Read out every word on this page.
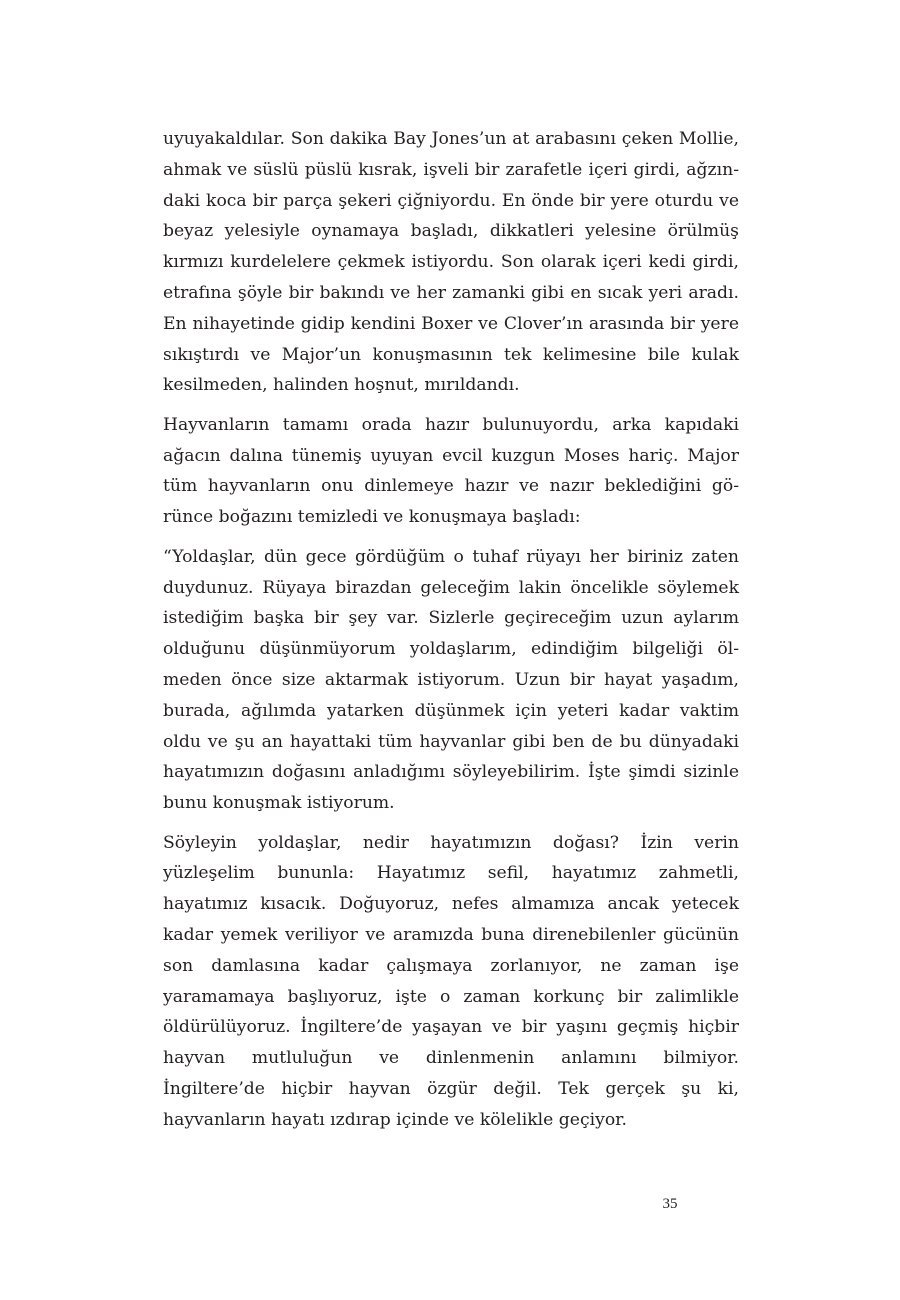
uyuyakaldılar. Son dakika Bay Jones’un at arabasını çeken Mollie, ahmak ve süslü püslü kısrak, işveli bir zarafetle içeri girdi, ağzındaki koca bir parça şekeri çiğniyordu. En önde bir yere oturdu ve beyaz yelesiyle oynamaya başladı, dikkatleri yelesine örülmüş kırmızı kurdelelere çekmek istiyordu. Son olarak içeri kedi girdi, etrafına şöyle bir bakındı ve her zamanki gibi en sıcak yeri aradı. En nihayetinde gidip kendini Boxer ve Clover’ın arasında bir yere sıkıştırdı ve Major’un konuşmasının tek kelimesine bile kulak kesilmeden, halinden hoşnut, mırıldandı.

Hayvanların tamamı orada hazır bulunuyordu, arka kapıdaki ağacın dalına tünemiş uyuyan evcil kuzgun Moses hariç. Major tüm hayvanların onu dinlemeye hazır ve nazır beklediğini görünce boğazını temizledi ve konuşmaya başladı:

“Yoldaşlar, dün gece gördüğüm o tuhaf rüyayı her biriniz zaten duydunuz. Rüyaya birazdan geleceğim lakin öncelikle söylemek istediğim başka bir şey var. Sizlerle geçireceğim uzun aylarım olduğunu düşünmüyorum yoldaşlarım, edindiğim bilgeliği ölmeden önce size aktarmak istiyorum. Uzun bir hayat yaşadım, burada, ağılımda yatarken düşünmek için yeteri kadar vaktim oldu ve şu an hayattaki tüm hayvanlar gibi ben de bu dünyadaki hayatımızın doğasını anladığımı söyleyebilirim. İşte şimdi sizinle bunu konuşmak istiyorum.

Söyleyin yoldaşlar, nedir hayatımızın doğası? İzin verin yüzleşelim bununla: Hayatımız sefil, hayatımız zahmetli, hayatımız kısacık. Doğuyoruz, nefes almamıza ancak yetecek kadar yemek veriliyor ve aramızda buna direnebilenler gücünün son damlasına kadar çalışmaya zorlanıyor, ne zaman işe yaramamaya başlıyoruz, işte o zaman korkunç bir zalimlikle öldürülüyoruz. İngiltere’de yaşayan ve bir yaşını geçmiş hiçbir hayvan mutluluğun ve dinlenmenin anlamını bilmiyor. İngiltere’de hiçbir hayvan özgür değil. Tek gerçek şu ki, hayvanların hayatı ızdırap içinde ve kölelikle geçiyor.

35
